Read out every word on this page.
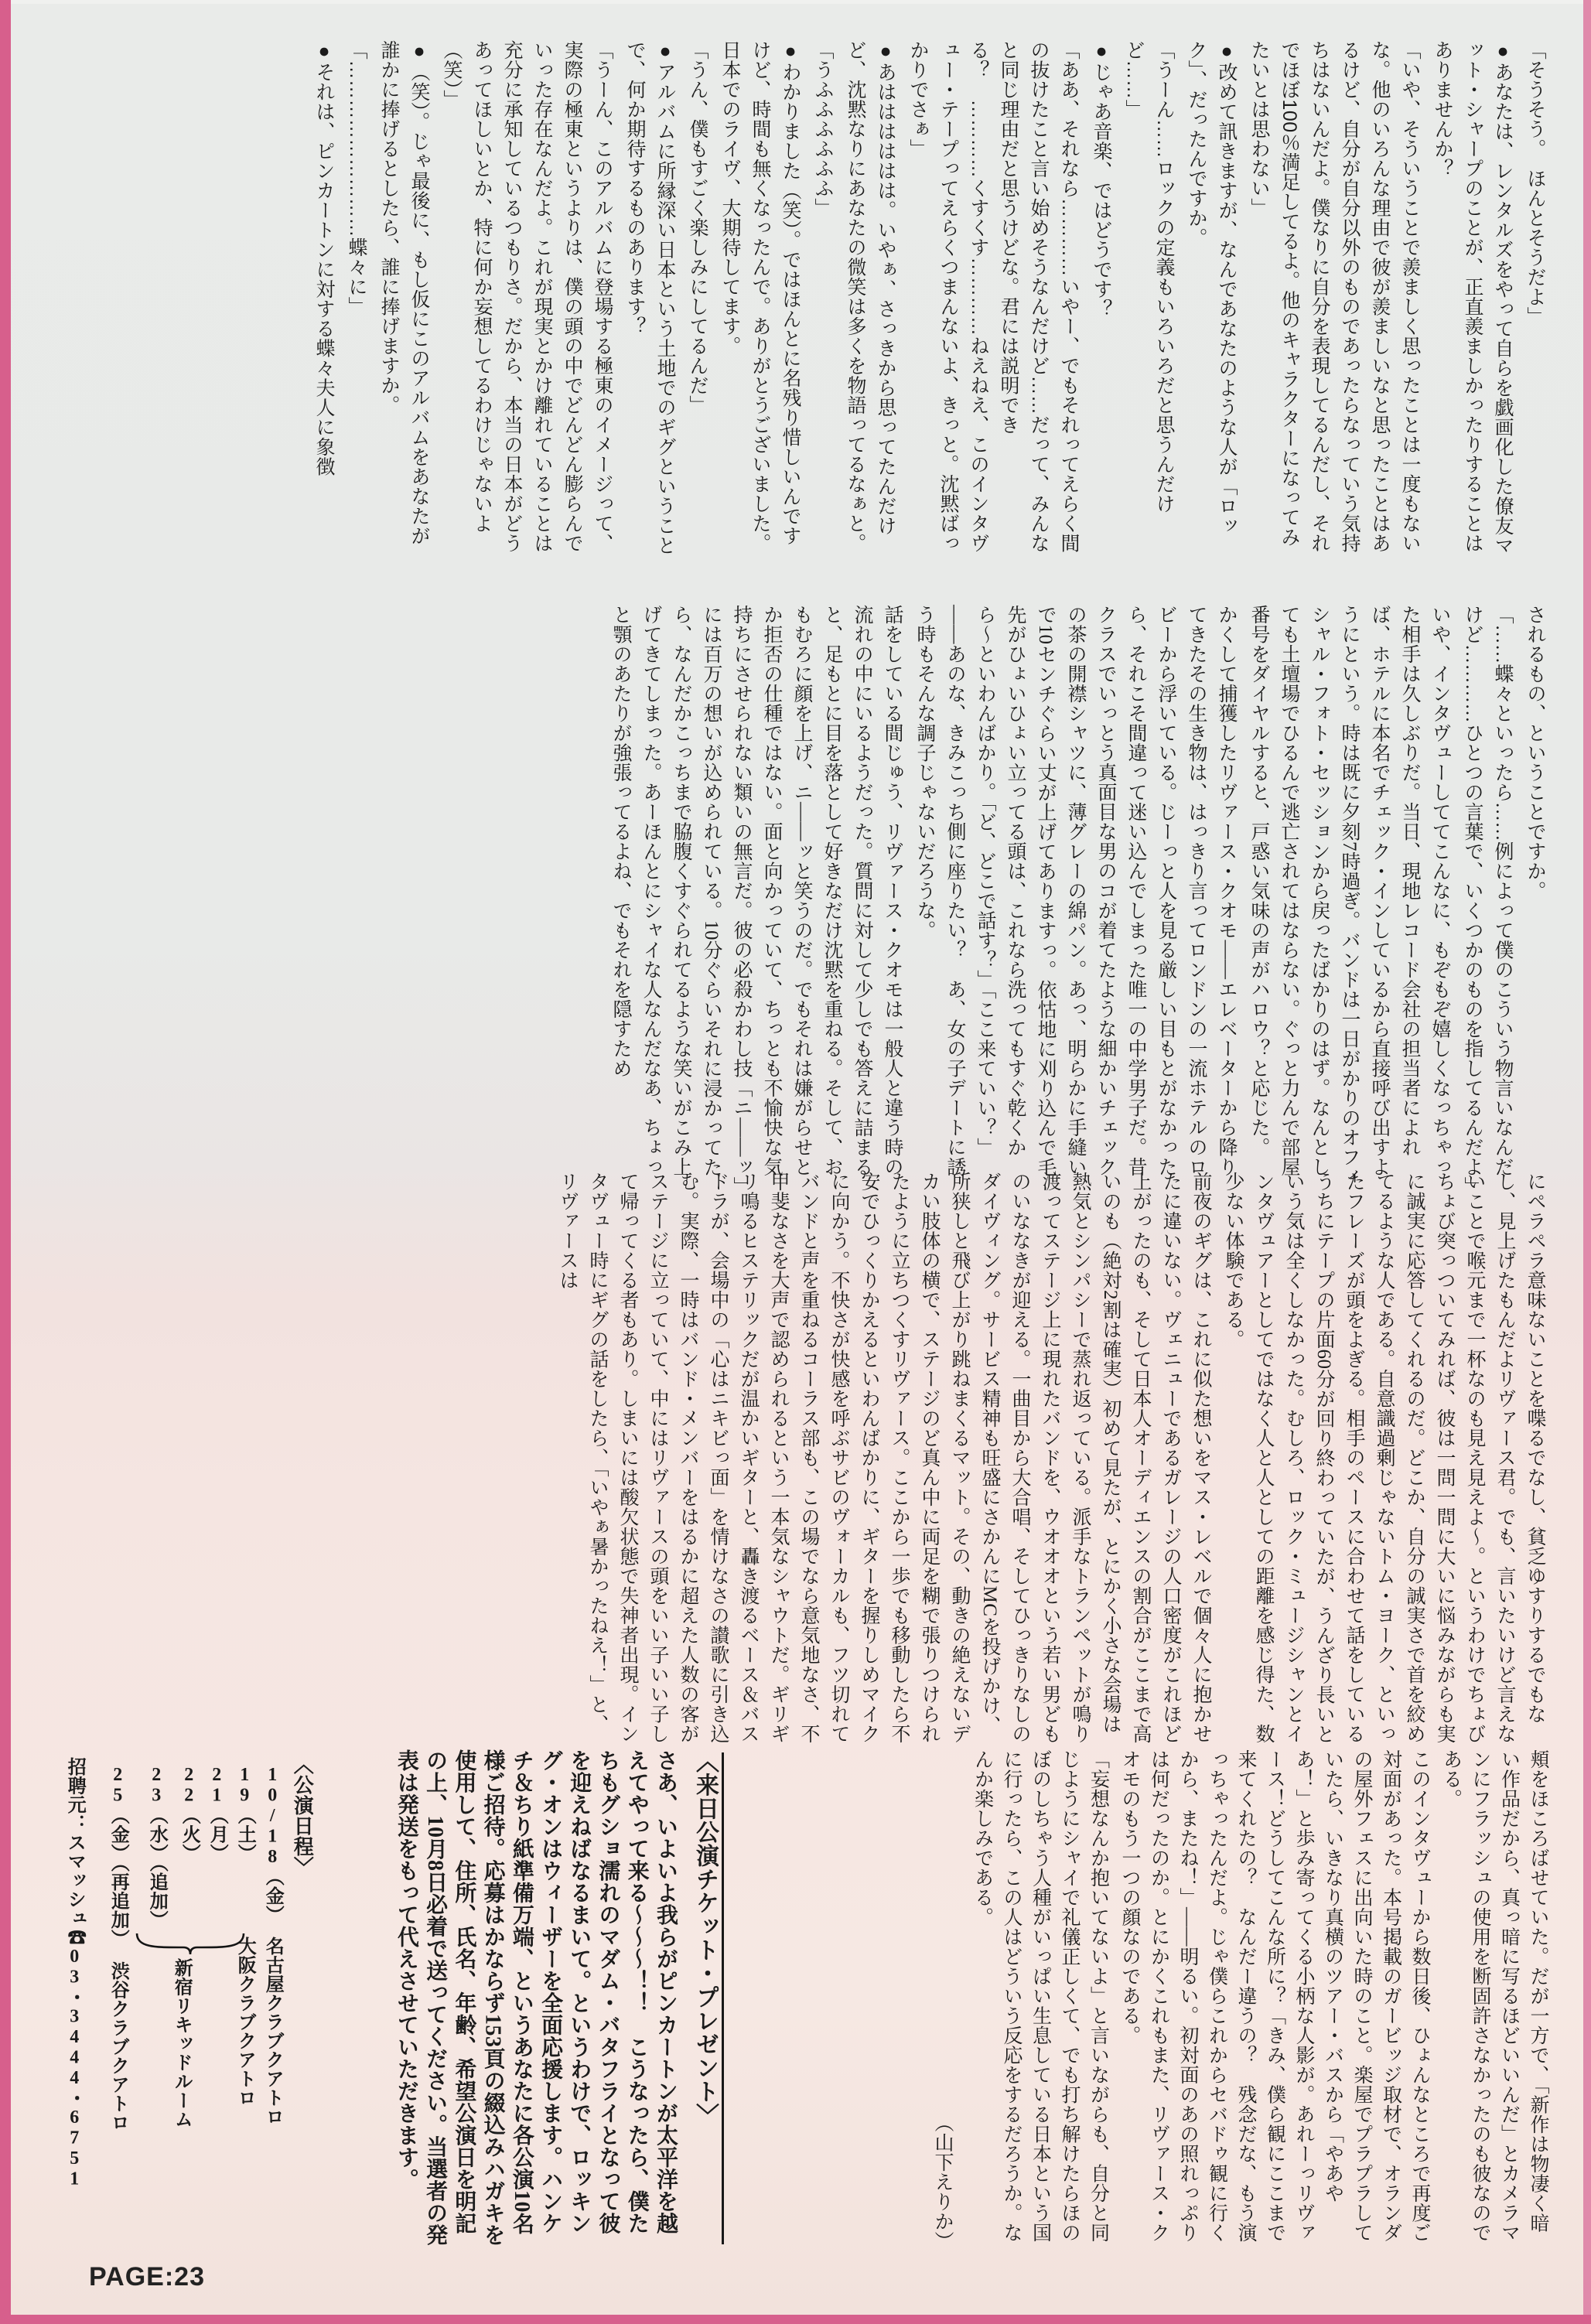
「そうそう。　ほんとそうだよ」

●あなたは、レンタルズをやって自らを戯画化した僚友マット・シャープのことが、正直羨ましかったりすることはありませんか？

「いや、そういうことで羨ましく思ったことは一度もないな。他のいろんな理由で彼が羨ましいなと思ったことはあるけど、自分が自分以外のものであったらなっていう気持ちはないんだよ。僕なりに自分を表現してるんだし、それでほぼ100％満足してるよ。他のキャラクターになってみたいとは思わない」

●改めて訊きますが、なんであなたのような人が「ロック」、だったんですか。

「うーん……ロックの定義もいろいろだと思うんだけど……」

●じゃあ音楽、ではどうです？

「ああ、それなら…………いやー、でもそれってえらく間の抜けたこと言い始めそうなんだけど……だって、みんなと同じ理由だと思うけどな。君には説明できる？　…………くすくす…………ねえねえ、このインタヴュー・テープってえらくつまんないよ、きっと。沈黙ばっかりでさぁ」

●あはははははは。いやぁ、さっきから思ってたんだけど、沈黙なりにあなたの微笑は多くを物語ってるなぁと。

「うふふふふふふ」

●わかりました（笑）。ではほんとに名残り惜しいんですけど、時間も無くなったんで。ありがとうございました。日本でのライヴ、大期待してます。

「うん、僕もすごく楽しみにしてるんだ」

●アルバムに所縁深い日本という土地でのギグということで、何か期待するものあります？

「うーん、このアルバムに登場する極東のイメージって、実際の極東というよりは、僕の頭の中でどんどん膨らんでいった存在なんだよ。これが現実とかけ離れていることは充分に承知しているつもりさ。だから、本当の日本がどうあってほしいとか、特に何か妄想してるわけじゃないよ（笑）」

●（笑）。じゃ最後に、もし仮にこのアルバムをあなたが誰かに捧げるとしたら、誰に捧げますか。

「………………………蝶々に」

●それは、ピンカートンに対する蝶々夫人に象徴

されるもの、ということですか。

「……蝶々といったら……例によって僕のこういう物言いなんだけど…………ひとつの言葉で、いくつかのものを指してるんだよ」

いや、インタヴューしててこんなに、もぞもぞ嬉しくなっちゃった相手は久しぶりだ。当日、現地レコード会社の担当者によれば、ホテルに本名でチェック・インしているから直接呼び出すようにという。時は既に夕刻7時過ぎ。バンドは一日がかりのオフィシャル・フォト・セッションから戻ったばかりのはず。なんとしても土壇場でひるんで逃亡されてはならない。ぐっと力んで部屋番号をダイヤルすると、戸惑い気味の声がハロウ？と応じた。

かくして捕獲したリヴァース・クオモ——エレベーターから降りてきたその生き物は、はっきり言ってロンドンの一流ホテルのロビーから浮いている。じーっと人を見る厳しい目もとがなかったら、それこそ間違って迷い込んでしまった唯一の中学男子だ。昔クラスでいっとう真面目な男のコが着てたような細かいチェックの茶の開襟シャツに、薄グレーの綿パン。あっ、明らかに手縫いで10センチぐらい丈が上げてありますっ。依怙地に刈り込んで毛先がひょいひょい立ってる頭は、これなら洗ってもすぐ乾くから〜といわんばかり。「ど、どこで話す？」「ここ来ていい？」——あのな、きみこっち側に座りたい？　あ、女の子デートに誘う時もそんな調子じゃないだろうな。

話をしている間じゅう、リヴァース・クオモは一般人と違う時の流れの中にいるようだった。質問に対して少しでも答えに詰まると、足もとに目を落として好きなだけ沈黙を重ねる。そして、おもむろに顔を上げ、ニ——ッと笑うのだ。でもそれは嫌がらせとか拒否の仕種ではない。面と向かっていて、ちっとも不愉快な気持ちにさせられない類いの無言だ。彼の必殺かわし技「ニ——ッ」には百万の想いが込められている。10分ぐらいそれに浸かってたら、なんだかこっちまで脇腹くすぐられてるような笑いがこみ上げてきてしまった。あーほんとにシャイな人なんだなあ、ちょっと顎のあたりが強張ってるよね、でもそれを隠すため

にペラペラ意味ないことを喋るでなし、貧乏ゆすりするでもなし、見上げたもんだよリヴァース君。でも、言いたいけど言えないことで喉元まで一杯なのも見え見えよ〜。というわけでちょびちょび突っついてみれば、彼は一問一問に大いに悩みながらも実に誠実に応答してくれるのだ。どこか、自分の誠実さで首を絞めてるような人である。自意識過剰じゃないトム・ヨーク、といったフレーズが頭をよぎる。相手のペースに合わせて話をしているうちにテープの片面60分が回り終わっていたが、うんざり長いという気は全くしなかった。むしろ、ロック・ミュージシャンとインタヴュアーとしてではなく人と人としての距離を感じ得た、数少ない体験である。

前夜のギグは、これに似た想いをマス・レベルで個々人に抱かせたに違いない。ヴェニューであるガレージの人口密度がこれほど上がったのも、そして日本人オーディエンスの割合がここまで高いのも（絶対2割は確実）初めて見たが、とにかく小さな会場は熱気とシンパシーで蒸れ返っている。派手なトランペットが鳴り渡ってステージ上に現れたバンドを、ウオオオという若い男どものいななきが迎える。一曲目から大合唱、そしてひっきりなしのダイヴィング。サービス精神も旺盛にさかんにMCを投げかけ、所狭しと飛び上がり跳ねまくるマット。その、動きの絶えないデカい肢体の横で、ステージのど真ん中に両足を糊で張りつけられたように立ちつくすリヴァース。ここから一歩でも移動したら不安でひっくりかえるといわんばかりに、ギターを握りしめマイクに向かう。不快さが快感を呼ぶサビのヴォーカルも、フツ切れてバンドと声を重ねるコーラス部も、この場でなら意気地なさ、不甲斐なさを大声で認められるという一本気なシャウトだ。ギリギリ鳴るヒステリックだが温かいギターと、轟き渡るベース＆バスドラが、会場中の「心はニキビっ面」を情けなさの讃歌に引き込む。実際、一時はバンド・メンバーをはるかに超えた人数の客がステージに立っていて、中にはリヴァースの頭をいい子いい子して帰ってくる者もあり。しまいには酸欠状態で失神者出現。インタヴュー時にギグの話をしたら、「いやぁ暑かったねえ！」と、リヴァースは

頬をほころばせていた。だが一方で、「新作は物凄く暗い作品だから、真っ暗に写るほどいいんだ」とカメラマンにフラッシュの使用を断固許さなかったのも彼なのである。

このインタヴューから数日後、ひょんなところで再度ご対面があった。本号掲載のガービッジ取材で、オランダの屋外フェスに出向いた時のこと。楽屋でプラプラしていたら、いきなり真横のツアー・バスから「やあやあ！」と歩み寄ってくる小柄な人影が。あれーっリヴァース！どうしてこんな所に？「きみ、僕ら観にここまで来てくれたの？　なんだー違うの？　残念だな、もう演っちゃったんだよ。じゃ僕らこれからセバドゥ観に行くから、またね！」——明るい。初対面のあの照れっぷりは何だったのか。とにかくこれもまた、リヴァース・クオモのもう一つの顔なのである。

「妄想なんか抱いてないよ」と言いながらも、自分と同じようにシャイで礼儀正しくて、でも打ち解けたらほのぼのしちゃう人種がいっぱい生息している日本という国に行ったら、この人はどういう反応をするだろうか。なんか楽しみである。

（山下えりか）

〈来日公演チケット・プレゼント〉

さあ、いよいよ我らがピンカートンが太平洋を越えてやって来る〜〜〜！！　こうなったら、僕たちもグショ濡れのマダム・バタフライとなって彼を迎えねばなるまいて。というわけで、ロッキング・オンはウィーザーを全面応援します。ハンケチ＆ちり紙準備万端、というあなたに各公演10名様ご招待。応募はかならず153頁の綴込みハガキを使用して、住所、氏名、年齢、希望公演日を明記の上、10月8日必着で送ってください。当選者の発表は発送をもって代えさせていただきます。

〈公演日程〉
10/18（金）
19（土）
21（月）
22（火）
23（水）（追加）
25（金）（再追加）
名古屋クラブクアトロ
大阪クラブクアトロ
新宿リキッドルーム
渋谷クラブクアトロ
招聘元：スマッシュ☎03・3444・6751
PAGE:23
